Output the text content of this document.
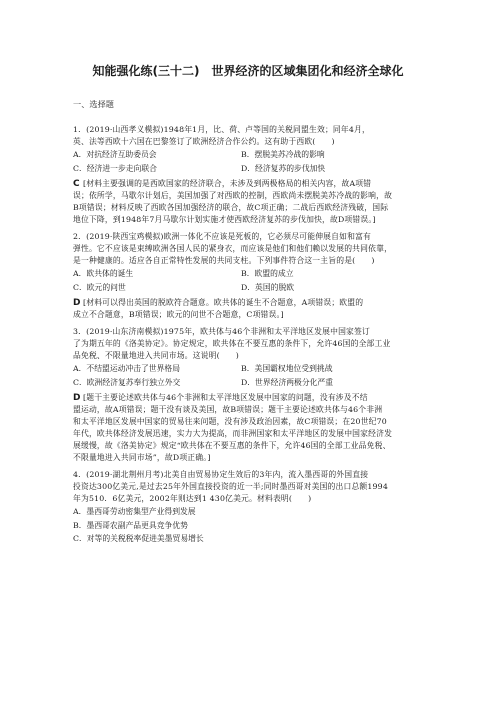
知能强化练(三十二)　世界经济的区域集团化和经济全球化
一、选择题
1．(2019·山西孝义模拟)1948年1月，比、荷、卢等国的关税同盟生效；同年4月，
英、法等西欧十六国在巴黎签订了欧洲经济合作公约。这有助于西欧(　　)
A．对抗经济互助委员会	B．摆脱美苏冷战的影响
C．经济进一步走向联合	D．经济复苏的步伐加快
C [材料主要强调的是西欧国家的经济联合，未涉及到两极格局的相关内容，故A项错
误；依所学，马歇尔计划后，美国加强了对西欧的控制，西欧尚未摆脱美苏冷战的影响，故
B项错误；材料反映了西欧各国加强经济的联合，故C项正确；二战后西欧经济残破，国际
地位下降，到1948年7月马歇尔计划实施才使西欧经济复苏的步伐加快，故D项错误。]
2．(2019·陕西宝鸡模拟)欧洲一体化不应该是死板的，它必须尽可能伸展自如和富有
弹性。它不应该是束缚欧洲各国人民的紧身衣，而应该是他们和他们赖以发展的共同依靠，
是一种健康的。适应各自正常特性发展的共同支柱。下列事件符合这一主旨的是(　　)
A．欧共体的诞生	B．欧盟的成立
C．欧元的问世	D．英国的脱欧
D [材料可以得出英国的脱欧符合题意。欧共体的诞生不合题意，A项错误；欧盟的
成立不合题意，B项错误；欧元的问世不合题意，C项错误。]
3．(2019·山东济南模拟)1975年，欧共体与46个非洲和太平洋地区发展中国家签订
了为期五年的《洛美协定》。协定规定，欧共体在不要互惠的条件下，允许46国的全部工业
品免税、不限量地进入共同市场。这说明(　　)
A．不结盟运动冲击了世界格局	B．美国霸权地位受到挑战
C．欧洲经济复苏奉行独立外交	D．世界经济两极分化严重
D [题干主要论述欧共体与46个非洲和太平洋地区发展中国家的问题，没有涉及不结
盟运动，故A项错误；题干没有谈及美国，故B项错误；题干主要论述欧共体与46个非洲
和太平洋地区发展中国家的贸易往来问题，没有涉及政治因素，故C项错误；在20世纪70
年代，欧共体经济发展迅速，实力大为提高，而非洲国家和太平洋地区的发展中国家经济发
展缓慢，故《洛美协定》规定“欧共体在不要互惠的条件下，允许46国的全部工业品免税、
不限量地进入共同市场”，故D项正确。]
4．(2019·湖北荆州月考)北美自由贸易协定生效后的3年内，流入墨西哥的外国直接
投资达300亿美元,是过去25年外国直接投资的近一半;同时墨西哥对美国的出口总额1994
年为510．6亿美元，2002年则达到1 430亿美元。材料表明(　　)
A．墨西哥劳动密集型产业得到发展
B．墨西哥农副产品更具竞争优势
C．对等的关税税率促进美墨贸易增长
